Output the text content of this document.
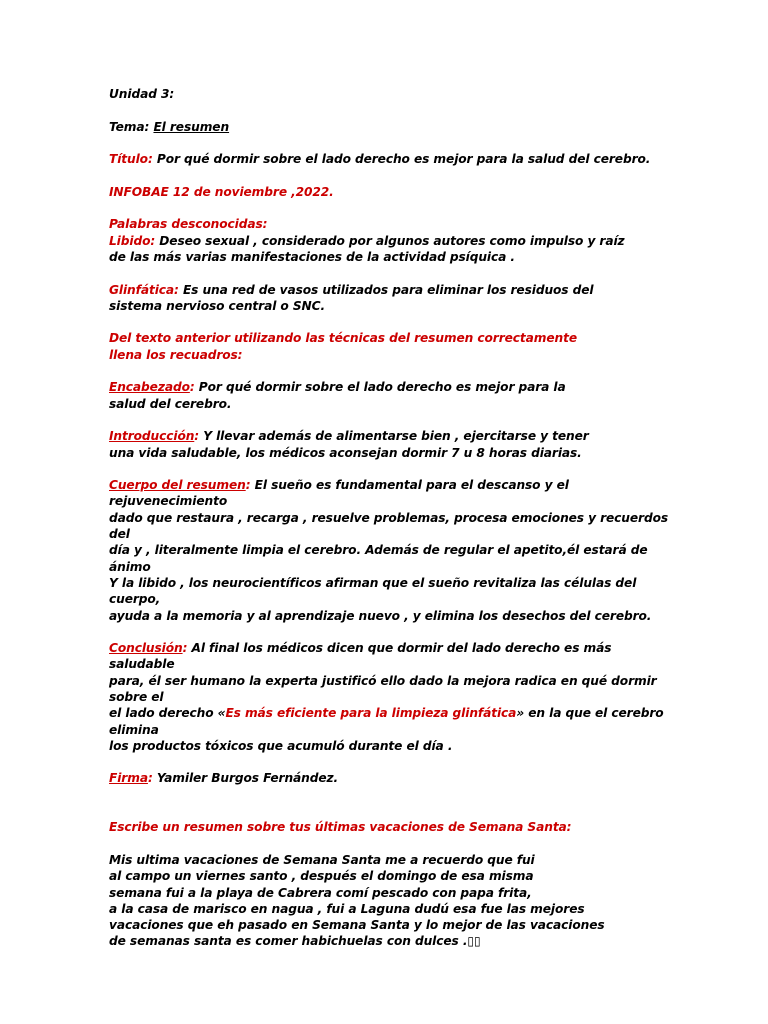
Unidad 3:

Tema: El resumen

Título: Por qué dormir sobre el lado derecho es mejor para la salud del cerebro.

INFOBAE 12 de noviembre ,2022.

Palabras desconocidas:

Libido: Deseo sexual , considerado por algunos autores como impulso y raíz
de las más varias manifestaciones de la actividad psíquica .

Glinfática: Es una red de vasos utilizados para eliminar los residuos del
sistema nervioso central o SNC.

Del texto anterior utilizando las técnicas del resumen correctamente
llena los recuadros:

Encabezado: Por qué dormir sobre el lado derecho es mejor para la
salud del cerebro.

Introducción: Y llevar además de alimentarse bien , ejercitarse y tener
una vida saludable, los médicos aconsejan dormir 7 u 8 horas diarias.

Cuerpo del resumen: El sueño es fundamental para el descanso y el rejuvenecimiento
dado que restaura , recarga , resuelve problemas, procesa emociones y recuerdos del
día y , literalmente limpia el cerebro. Además de regular el apetito,él estará de ánimo
Y la libido , los neurocientíficos afirman que el sueño revitaliza las células del cuerpo,
ayuda a la memoria y al aprendizaje nuevo , y elimina los desechos del cerebro.

Conclusión: Al final los médicos dicen que dormir del lado derecho es más saludable
para, él ser humano la experta justificó ello dado la mejora radica en qué dormir sobre el
el lado derecho «Es más eficiente para la limpieza glinfática» en la que el cerebro elimina
los productos tóxicos que acumuló durante el día .

Firma: Yamiler Burgos Fernández.

Escribe un resumen sobre tus últimas vacaciones de Semana Santa:

Mis ultima vacaciones de Semana Santa me a recuerdo que fui
al campo un viernes santo , después el domingo de esa misma
semana fui a la playa de Cabrera comí pescado con papa frita,
a la casa de marisco en nagua , fui a Laguna dudú esa fue las mejores
vacaciones que eh pasado en Semana Santa y lo mejor de las vacaciones
de semanas santa es comer habichuelas con dulces .▯▯
